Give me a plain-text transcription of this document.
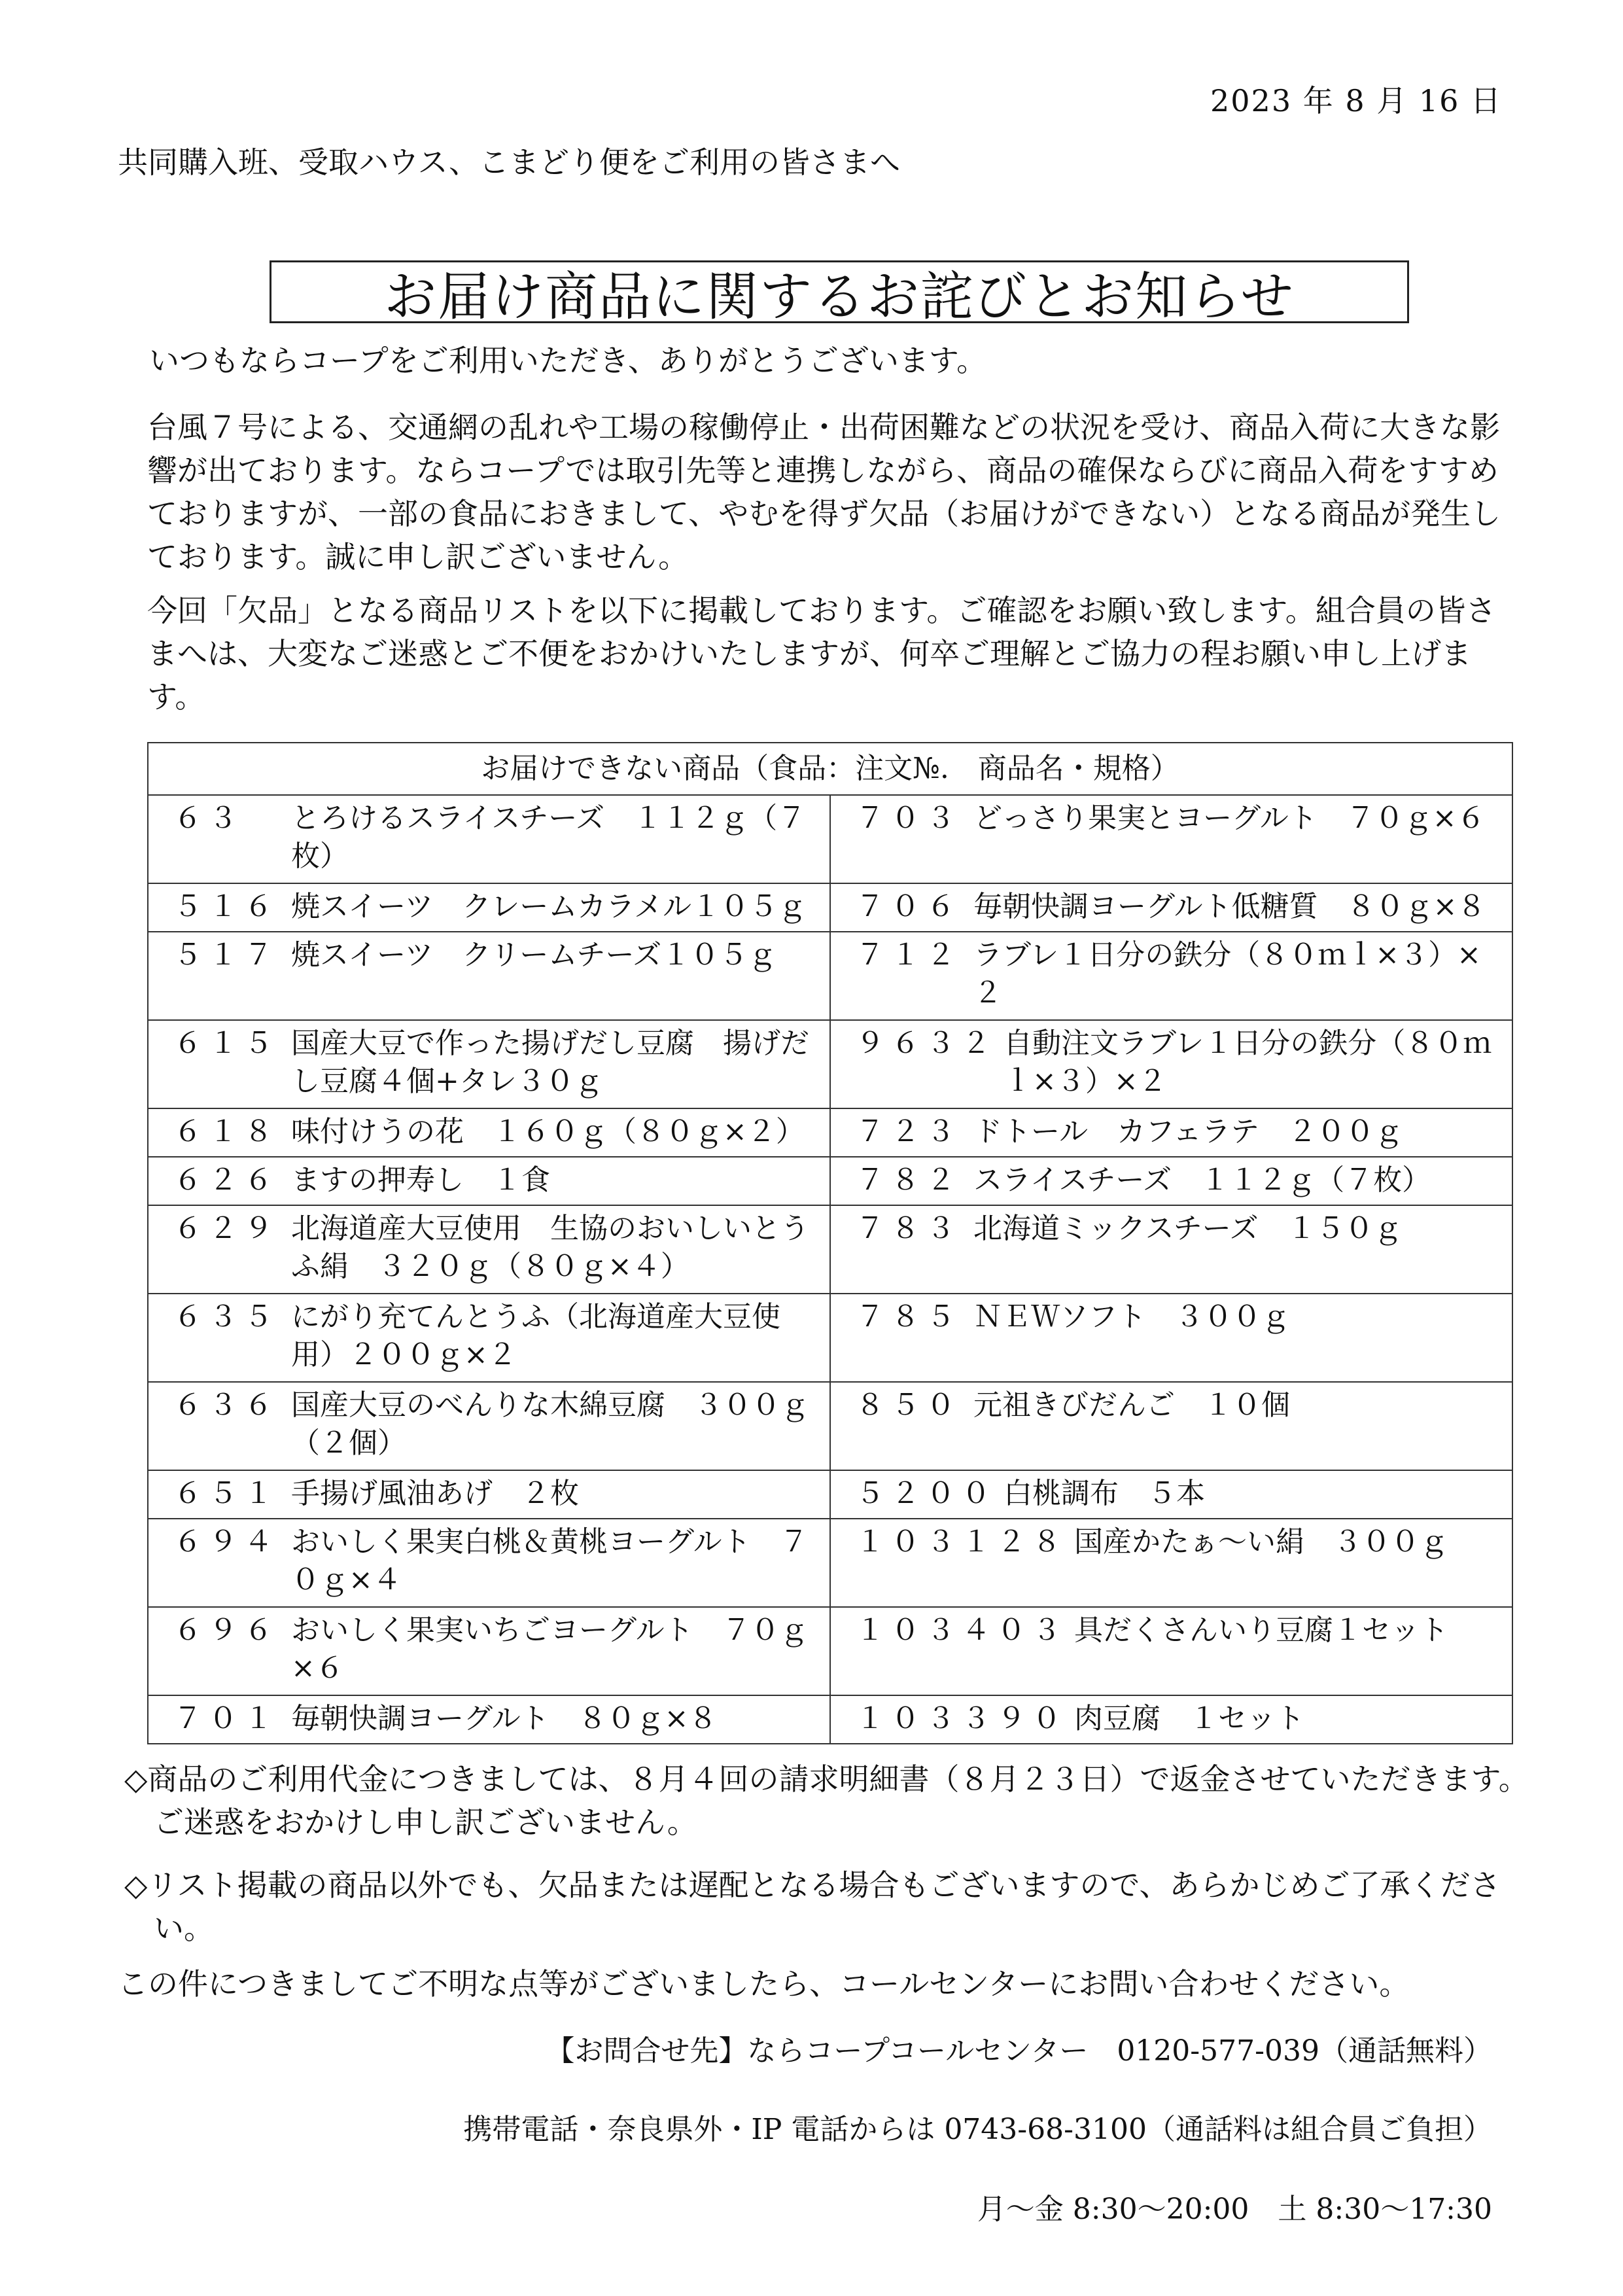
2023 年 8 月 16 日
共同購入班、受取ハウス、こまどり便をご利用の皆さまへ
お届け商品に関するお詫びとお知らせ

いつもならコープをご利用いただき、ありがとうございます。

台風７号による、交通網の乱れや工場の稼働停止・出荷困難などの状況を受け、商品入荷に大きな影響が出ております。ならコープでは取引先等と連携しながら、商品の確保ならびに商品入荷をすすめておりますが、一部の食品におきまして、やむを得ず欠品（お届けができない）となる商品が発生しております。誠に申し訳ございません。

今回「欠品」となる商品リストを以下に掲載しております。ご確認をお願い致します。組合員の皆さまへは、大変なご迷惑とご不便をおかけいたしますが、何卒ご理解とご協力の程お願い申し上げます。

お届けできない商品（食品：注文№.　商品名・規格）	

６３ とろけるスライスチーズ　１１２ｇ（７枚）	７０３ どっさり果実とヨーグルト　７０ｇ×６

５１６ 焼スイーツ　クレームカラメル１０５ｇ	７０６ 毎朝快調ヨーグルト低糖質　８０ｇ×８

５１７ 焼スイーツ　クリームチーズ１０５ｇ	７１２ ラブレ１日分の鉄分（８０ｍｌ×３）×２

６１５ 国産大豆で作った揚げだし豆腐　揚げだし豆腐４個+タレ３０ｇ	９６３２ 自動注文ラブレ１日分の鉄分（８０ｍｌ×３）×２

６１８ 味付けうの花　１６０ｇ（８０ｇ×２）	７２３ ドトール　カフェラテ　２００ｇ

６２６ ますの押寿し　１食	７８２ スライスチーズ　１１２ｇ（７枚）

６２９ 北海道産大豆使用　生協のおいしいとうふ絹　３２０ｇ（８０ｇ×４）	７８３ 北海道ミックスチーズ　１５０ｇ

６３５ にがり充てんとうふ（北海道産大豆使用）２００ｇ×２	７８５ ＮＥＷソフト　３００ｇ

６３６ 国産大豆のべんりな木綿豆腐　３００ｇ（２個）	８５０ 元祖きびだんご　１０個

６５１ 手揚げ風油あげ　２枚	５２００ 白桃調布　５本

６９４ おいしく果実白桃＆黄桃ヨーグルト　７０ｇ×４	１０３１２８ 国産かたぁ～い絹　３００ｇ

６９６ おいしく果実いちごヨーグルト　７０ｇ×６	１０３４０３ 具だくさんいり豆腐１セット

７０１ 毎朝快調ヨーグルト　８０ｇ×８	１０３３９０ 肉豆腐　１セット

◇商品のご利用代金につきましては、８月４回の請求明細書（８月２３日）で返金させていただきます。ご迷惑をおかけし申し訳ございません。

◇リスト掲載の商品以外でも、欠品または遅配となる場合もございますので、あらかじめご了承ください。

この件につきましてご不明な点等がございましたら、コールセンターにお問い合わせください。
【お問合せ先】ならコープコールセンター　0120-577-039（通話無料）
携帯電話・奈良県外・IP 電話からは 0743-68-3100（通話料は組合員ご負担）
月～金 8:30～20:00　土 8:30～17:30
